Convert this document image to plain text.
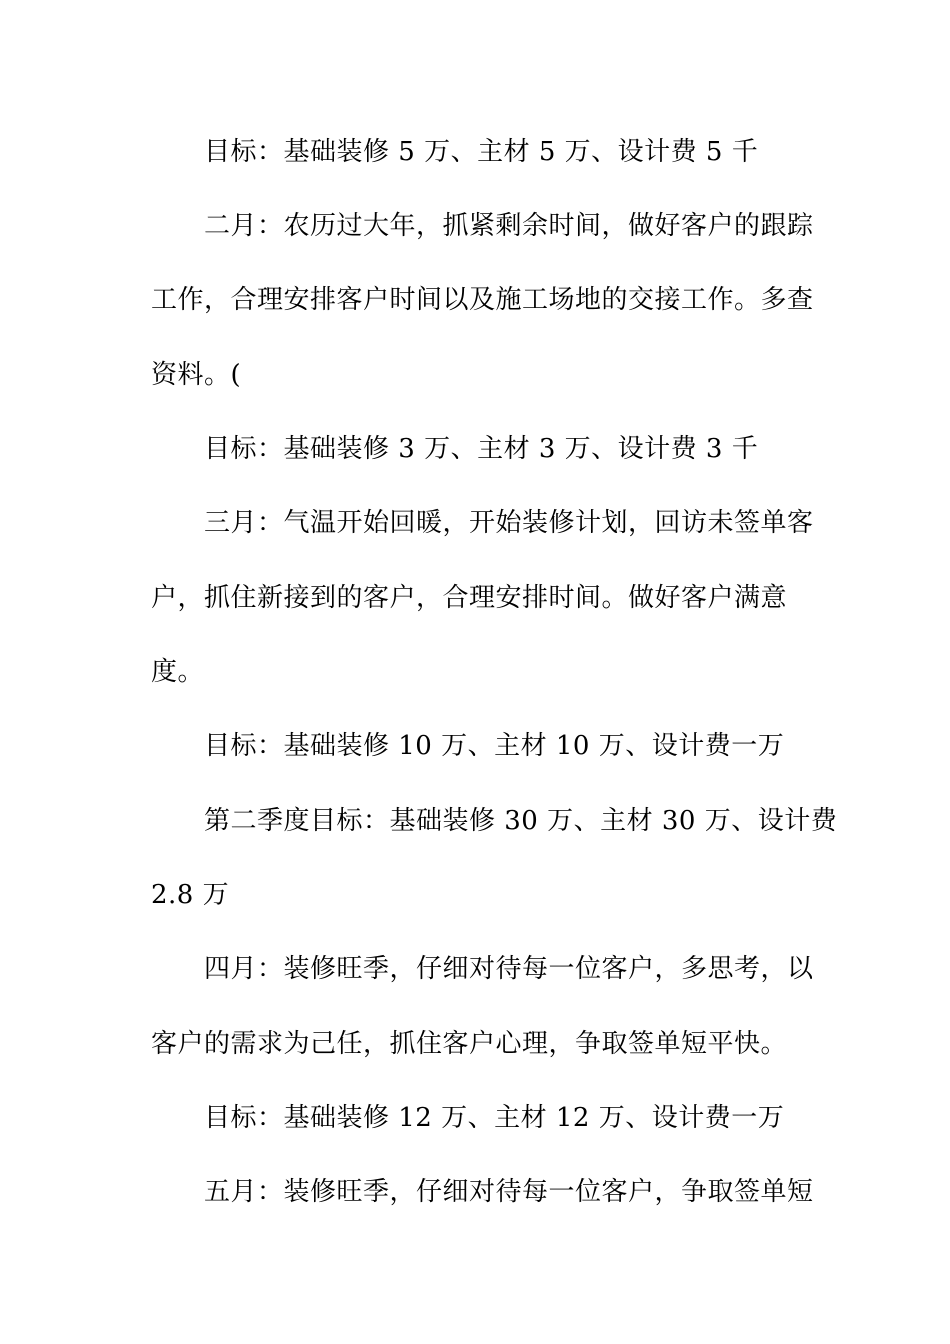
目标：基础装修 5 万、主材 5 万、设计费 5 千
二月：农历过大年，抓紧剩余时间，做好客户的跟踪
工作，合理安排客户时间以及施工场地的交接工作。多查
资料。(
目标：基础装修 3 万、主材 3 万、设计费 3 千
三月：气温开始回暖，开始装修计划，回访未签单客
户，抓住新接到的客户，合理安排时间。做好客户满意
度。
目标：基础装修 10 万、主材 10 万、设计费一万
第二季度目标：基础装修 30 万、主材 30 万、设计费
2.8 万
四月：装修旺季，仔细对待每一位客户，多思考，以
客户的需求为己任，抓住客户心理，争取签单短平快。
目标：基础装修 12 万、主材 12 万、设计费一万
五月：装修旺季，仔细对待每一位客户，争取签单短
